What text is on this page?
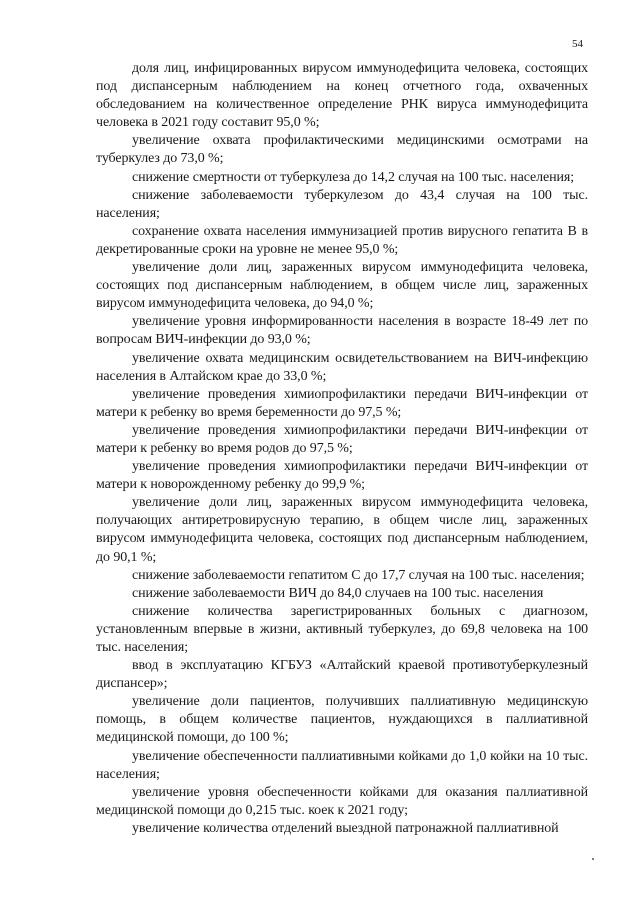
54

доля лиц, инфицированных вирусом иммунодефицита человека, состоящих под диспансерным наблюдением на конец отчетного года, охваченных обследованием на количественное определение РНК вируса иммунодефицита человека в 2021 году составит 95,0 %;

увеличение охвата профилактическими медицинскими осмотрами на туберкулез до 73,0 %;

снижение смертности от туберкулеза до 14,2 случая на 100 тыс. населения;

снижение заболеваемости туберкулезом до 43,4 случая на 100 тыс. населения;

сохранение охвата населения иммунизацией против вирусного гепатита В в декретированные сроки на уровне не менее 95,0 %;

увеличение доли лиц, зараженных вирусом иммунодефицита человека, состоящих под диспансерным наблюдением, в общем числе лиц, зараженных вирусом иммунодефицита человека, до 94,0 %;

увеличение уровня информированности населения в возрасте 18-49 лет по вопросам ВИЧ-инфекции до 93,0 %;

увеличение охвата медицинским освидетельствованием на ВИЧ-инфекцию населения в Алтайском крае до 33,0 %;

увеличение проведения химиопрофилактики передачи ВИЧ-инфекции от матери к ребенку во время беременности до 97,5 %;

увеличение проведения химиопрофилактики передачи ВИЧ-инфекции от матери к ребенку во время родов до 97,5 %;

увеличение проведения химиопрофилактики передачи ВИЧ-инфекции от матери к новорожденному ребенку до 99,9 %;

увеличение доли лиц, зараженных вирусом иммунодефицита человека, получающих антиретровирусную терапию, в общем числе лиц, зараженных вирусом иммунодефицита человека, состоящих под диспансерным наблюдением, до 90,1 %;

снижение заболеваемости гепатитом С до 17,7 случая на 100 тыс. населения;

снижение заболеваемости ВИЧ до 84,0 случаев на 100 тыс. населения

снижение количества зарегистрированных больных с диагнозом, установленным впервые в жизни, активный туберкулез, до 69,8 человека на 100 тыс. населения;

ввод в эксплуатацию КГБУЗ «Алтайский краевой противотуберкулезный диспансер»;

увеличение доли пациентов, получивших паллиативную медицинскую помощь, в общем количестве пациентов, нуждающихся в паллиативной медицинской помощи, до 100 %;

увеличение обеспеченности паллиативными койками до 1,0 койки на 10 тыс. населения;

увеличение уровня обеспеченности койками для оказания паллиативной медицинской помощи до 0,215 тыс. коек к 2021 году;

увеличение количества отделений выездной патронажной паллиативной
